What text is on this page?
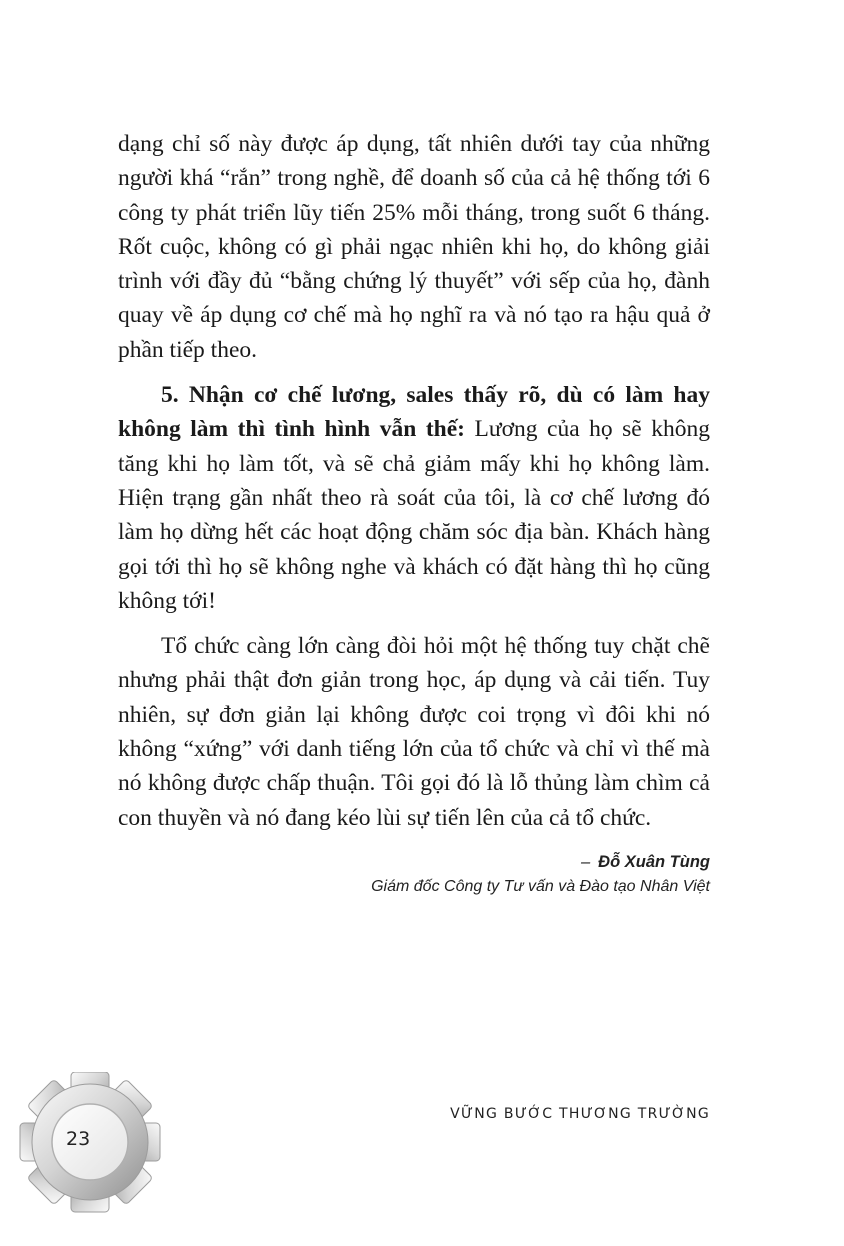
dạng chỉ số này được áp dụng, tất nhiên dưới tay của những người khá “rắn” trong nghề, để doanh số của cả hệ thống tới 6 công ty phát triển lũy tiến 25% mỗi tháng, trong suốt 6 tháng. Rốt cuộc, không có gì phải ngạc nhiên khi họ, do không giải trình với đầy đủ “bằng chứng lý thuyết” với sếp của họ, đành quay về áp dụng cơ chế mà họ nghĩ ra và nó tạo ra hậu quả ở phần tiếp theo.

5. Nhận cơ chế lương, sales thấy rõ, dù có làm hay không làm thì tình hình vẫn thế: Lương của họ sẽ không tăng khi họ làm tốt, và sẽ chả giảm mấy khi họ không làm. Hiện trạng gần nhất theo rà soát của tôi, là cơ chế lương đó làm họ dừng hết các hoạt động chăm sóc địa bàn. Khách hàng gọi tới thì họ sẽ không nghe và khách có đặt hàng thì họ cũng không tới!

Tổ chức càng lớn càng đòi hỏi một hệ thống tuy chặt chẽ nhưng phải thật đơn giản trong học, áp dụng và cải tiến. Tuy nhiên, sự đơn giản lại không được coi trọng vì đôi khi nó không “xứng” với danh tiếng lớn của tổ chức và chỉ vì thế mà nó không được chấp thuận. Tôi gọi đó là lỗ thủng làm chìm cả con thuyền và nó đang kéo lùi sự tiến lên của cả tổ chức.

– Đỗ Xuân Tùng
Giám đốc Công ty Tư vấn và Đào tạo Nhân Việt
VỮNG BƯỚC THƯƠNG TRƯỜNG
23
